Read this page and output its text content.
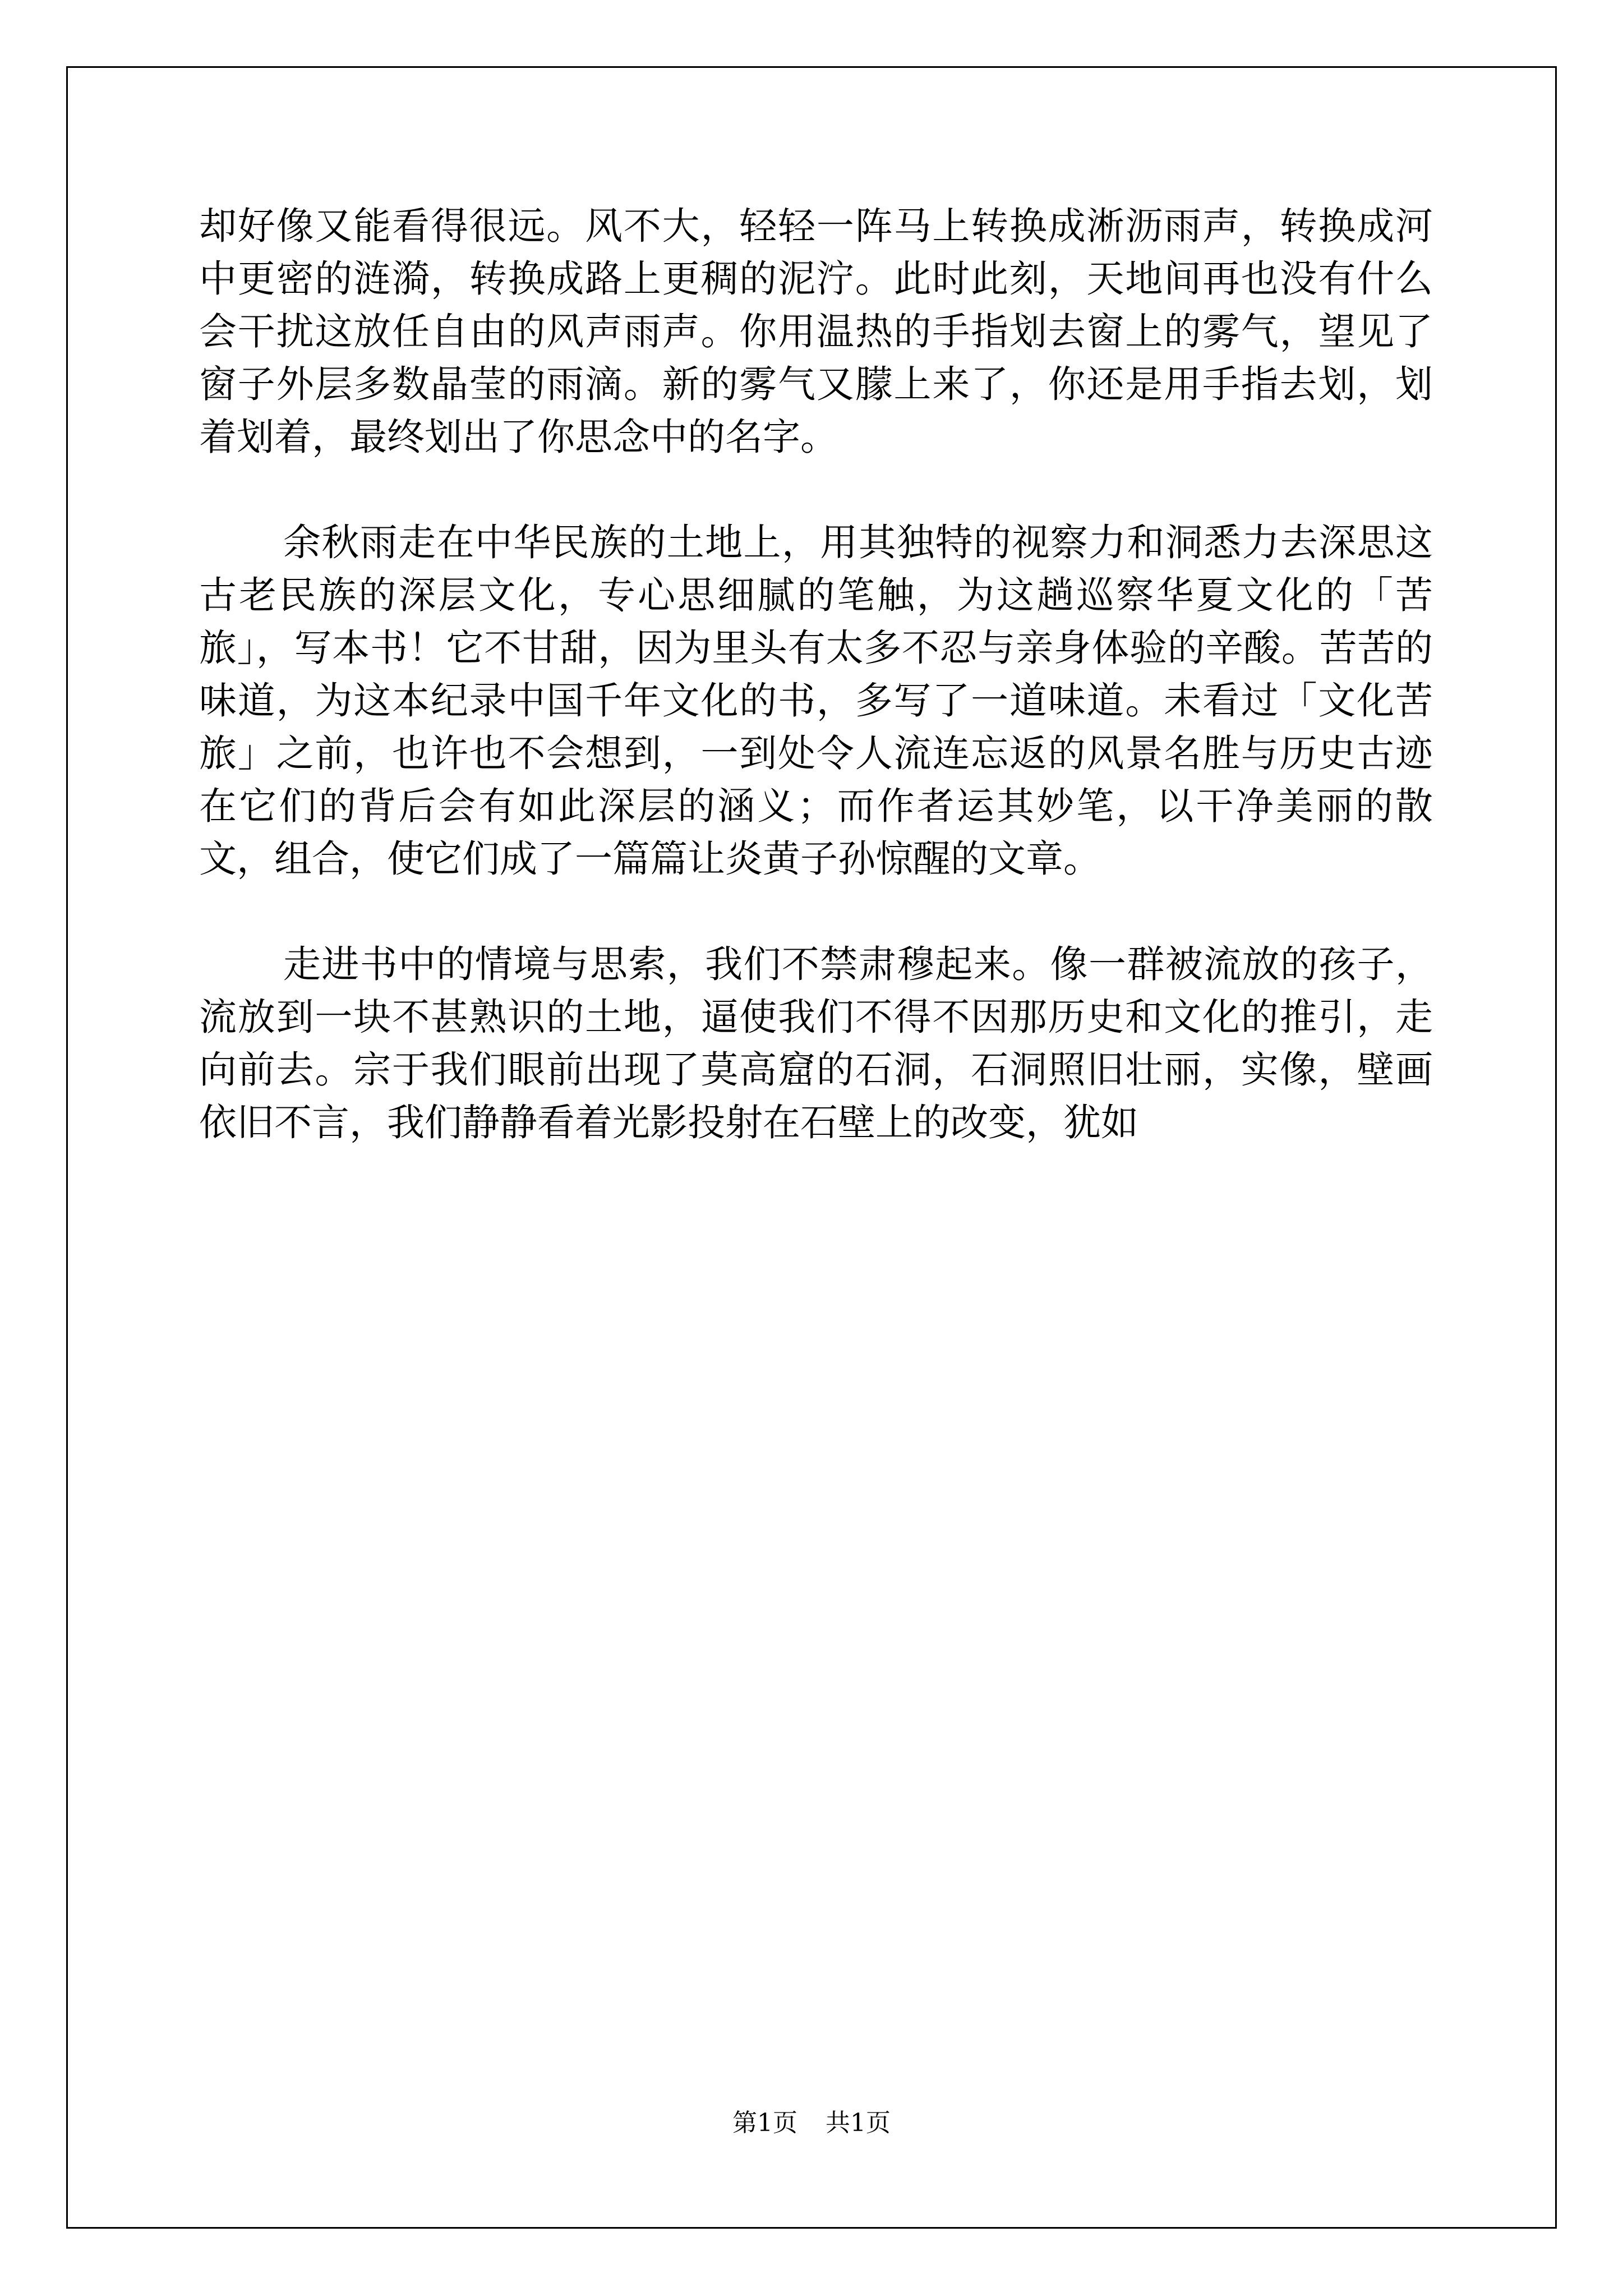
却好像又能看得很远。风不大，轻轻一阵马上转换成淅沥雨声，转换成河中更密的涟漪，转换成路上更稠的泥泞。此时此刻，天地间再也没有什么会干扰这放任自由的风声雨声。你用温热的手指划去窗上的雾气，望见了窗子外层多数晶莹的雨滴。新的雾气又朦上来了，你还是用手指去划，划着划着，最终划出了你思念中的名字。

余秋雨走在中华民族的土地上，用其独特的视察力和洞悉力去深思这古老民族的深层文化，专心思细腻的笔触，为这趟巡察华夏文化的「苦旅」，写本书！它不甘甜，因为里头有太多不忍与亲身体验的辛酸。苦苦的味道，为这本纪录中国千年文化的书，多写了一道味道。未看过「文化苦旅」之前，也许也不会想到，一到处令人流连忘返的风景名胜与历史古迹在它们的背后会有如此深层的涵义；而作者运其妙笔，以干净美丽的散文，组合，使它们成了一篇篇让炎黄子孙惊醒的文章。

走进书中的情境与思索，我们不禁肃穆起来。像一群被流放的孩子，流放到一块不甚熟识的土地，逼使我们不得不因那历史和文化的推引，走向前去。宗于我们眼前出现了莫高窟的石洞，石洞照旧壮丽，实像，壁画依旧不言，我们静静看着光影投射在石壁上的改变，犹如

第1页 共1页
